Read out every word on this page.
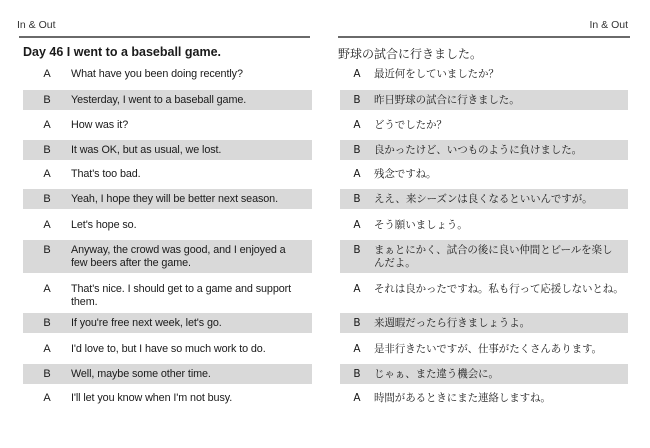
In & Out
Day 46 I went to a baseball game.
A	What have you been doing recently?
B	Yesterday, I went to a baseball game.
A	How was it?
B	It was OK, but as usual, we lost.
A	That's too bad.
B	Yeah, I hope they will be better next season.
A	Let's hope so.
B	Anyway, the crowd was good, and I enjoyed a few beers after the game.
A	That's nice. I should get to a game and support them.
B	If you're free next week, let's go.
A	I'd love to, but I have so much work to do.
B	Well, maybe some other time.
A	I'll let you know when I'm not busy.
In & Out
野球の試合に行きました。
A	最近何をしていましたか？
B	昨日野球の試合に行きました。
A	どうでしたか？
B	良かったけど、いつものように負けました。
A	残念ですね。
B	ええ、来シーズンは良くなるといいんですが。
A	そう願いましょう。
B	まぁとにかく、試合の後に良い仲間とビールを楽しんだよ。
A	それは良かったですね。私も行って応援しないとね。
B	来週暇だったら行きましょうよ。
A	是非行きたいですが、仕事がたくさんあります。
B	じゃぁ、また違う機会に。
A	時間があるときにまた連絡しますね。
